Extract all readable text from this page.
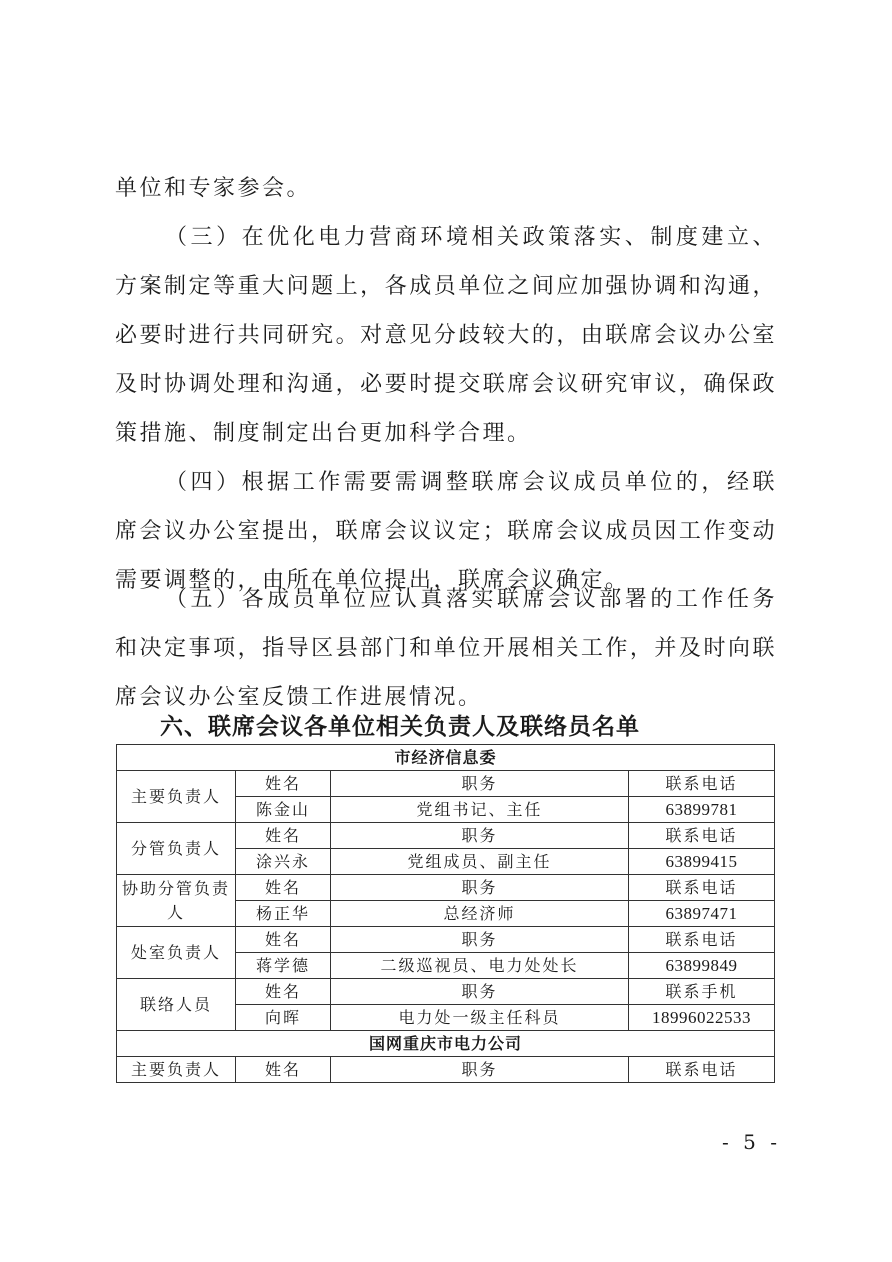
单位和专家参会。

（三）在优化电力营商环境相关政策落实、制度建立、方案制定等重大问题上，各成员单位之间应加强协调和沟通，必要时进行共同研究。对意见分歧较大的，由联席会议办公室及时协调处理和沟通，必要时提交联席会议研究审议，确保政策措施、制度制定出台更加科学合理。

（四）根据工作需要需调整联席会议成员单位的，经联席会议办公室提出，联席会议议定；联席会议成员因工作变动需要调整的，由所在单位提出，联席会议确定。

（五）各成员单位应认真落实联席会议部署的工作任务和决定事项，指导区县部门和单位开展相关工作，并及时向联席会议办公室反馈工作进展情况。

六、联席会议各单位相关负责人及联络员名单
市经济信息委			
主要负责人	姓名	职务	联系电话
	陈金山	党组书记、主任	63899781
分管负责人	姓名	职务	联系电话
	涂兴永	党组成员、副主任	63899415
协助分管负责人	姓名	职务	联系电话
	杨正华	总经济师	63897471
处室负责人	姓名	职务	联系电话
	蒋学德	二级巡视员、电力处处长	63899849
联络人员	姓名	职务	联系手机
	向晖	电力处一级主任科员	18996022533
国网重庆市电力公司			
主要负责人	姓名	职务	联系电话
- 5 -
